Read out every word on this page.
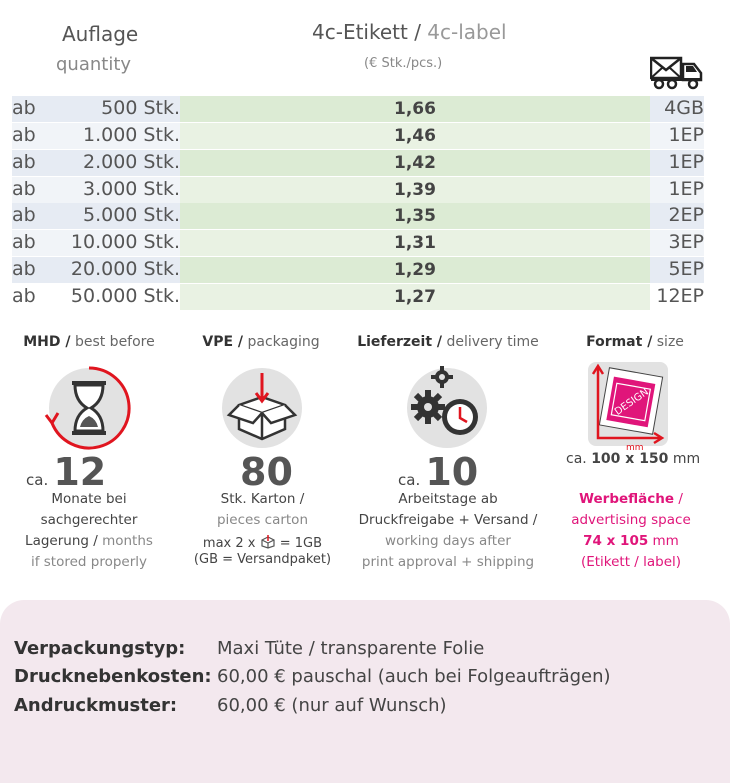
Auflage
quantity
4c-Etikett / 4c-label
(€ Stk./pcs.)
ab	500 Stk.	1,66	4GB
ab 1.000 Stk.	1,46	1EP
ab 2.000 Stk.	1,42	1EP
ab 3.000 Stk.	1,39	1EP
ab 5.000 Stk.	1,35	2EP
ab 10.000 Stk.	1,31	3EP
ab 20.000 Stk.	1,29	5EP
ab 50.000 Stk.	1,27	12EP
MHD / best before
ca. 12
Monate bei
sachgerechter
Lagerung / months
if stored properly
VPE / packaging
80
Stk. Karton /
pieces carton
max 2 x = 1GB
(GB = Versandpaket)
Lieferzeit / delivery time
ca. 10
Arbeitstage ab
Druckfreigabe + Versand /
working days after
print approval + shipping
Format / size
DESIGN
mm
ca. 100 x 150 mm
Werbefläche /
advertising space
74 x 105 mm
(Etikett / label)
Verpackungstyp: Maxi Tüte / transparente Folie
Drucknebenkosten: 60,00 € pauschal (auch bei Folgeaufträgen)
Andruckmuster: 60,00 € (nur auf Wunsch)
